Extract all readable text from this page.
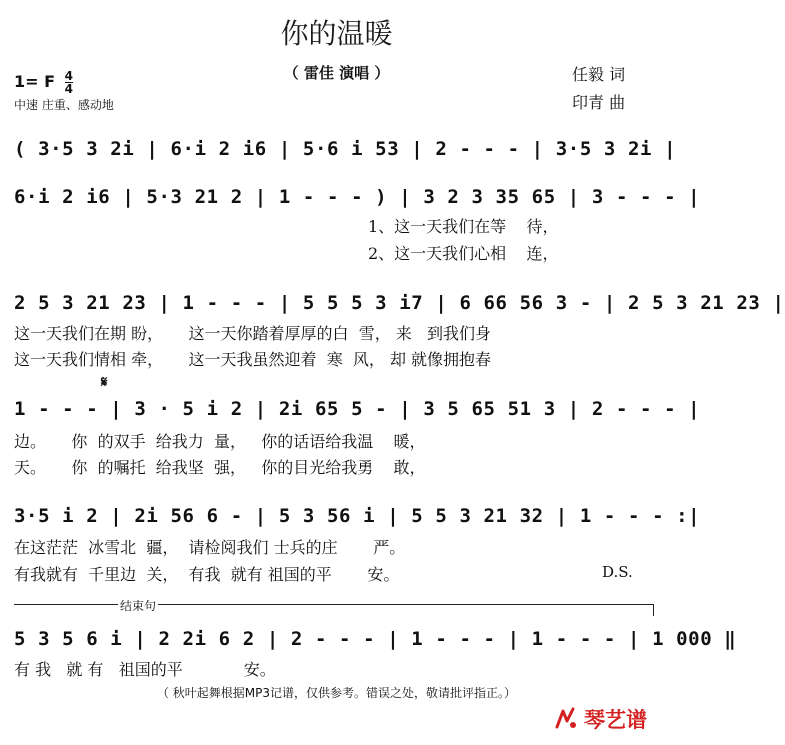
你的温暖
（ 雷佳 演唱 ）
1= F $\frac{4}{4}$
中速 庄重、感动地
任毅 词
印青 曲
( 3·5 3 2i | 6·i 2 i6 | 5·6 i 53 | 2 - - - | 3·5 3 2i |
6·i 2 i6 | 5·3 21 2 | 1 - - - ) | 3 2 3 35 65 | 3 - - - |
1、这一天我们在等    待，
2、这一天我们心相    连，
2 5 3 21 23 | 1 - - - | 5 5 5 3 i7 | 6 66 56 3 - | 2 5 3 21 23 |
这一天我们在期 盼，     这一天你踏着厚厚的白  雪， 来   到我们身
这一天我们情相 牵，     这一天我虽然迎着  寒  风， 却 就像拥抱春
𝄋
1 - - - | 3 · 5 i 2 | 2i 65 5 - | 3 5 65 51 3 | 2 - - - |
边。     你  的双手  给我力  量，   你的话语给我温    暖，
天。     你  的嘱托  给我坚  强，   你的目光给我勇    敢，
3·5 i 2 | 2i 56 6 - | 5 3 56 i | 5 5 3 21 32 | 1 - - - :|
在这茫茫  冰雪北  疆，  请检阅我们 士兵的庄       严。
有我就有  千里边  关，  有我  就有 祖国的平       安。	D.S.
结束句
5 3 5 6 i | 2 2i 6 2 | 2 - - - | 1 - - - | 1 - - - | 1 000 ‖
有 我   就 有   祖国的平            安。
（ 秋叶起舞根据MP3记谱，仅供参考。错误之处，敬请批评指正。）
琴艺谱
